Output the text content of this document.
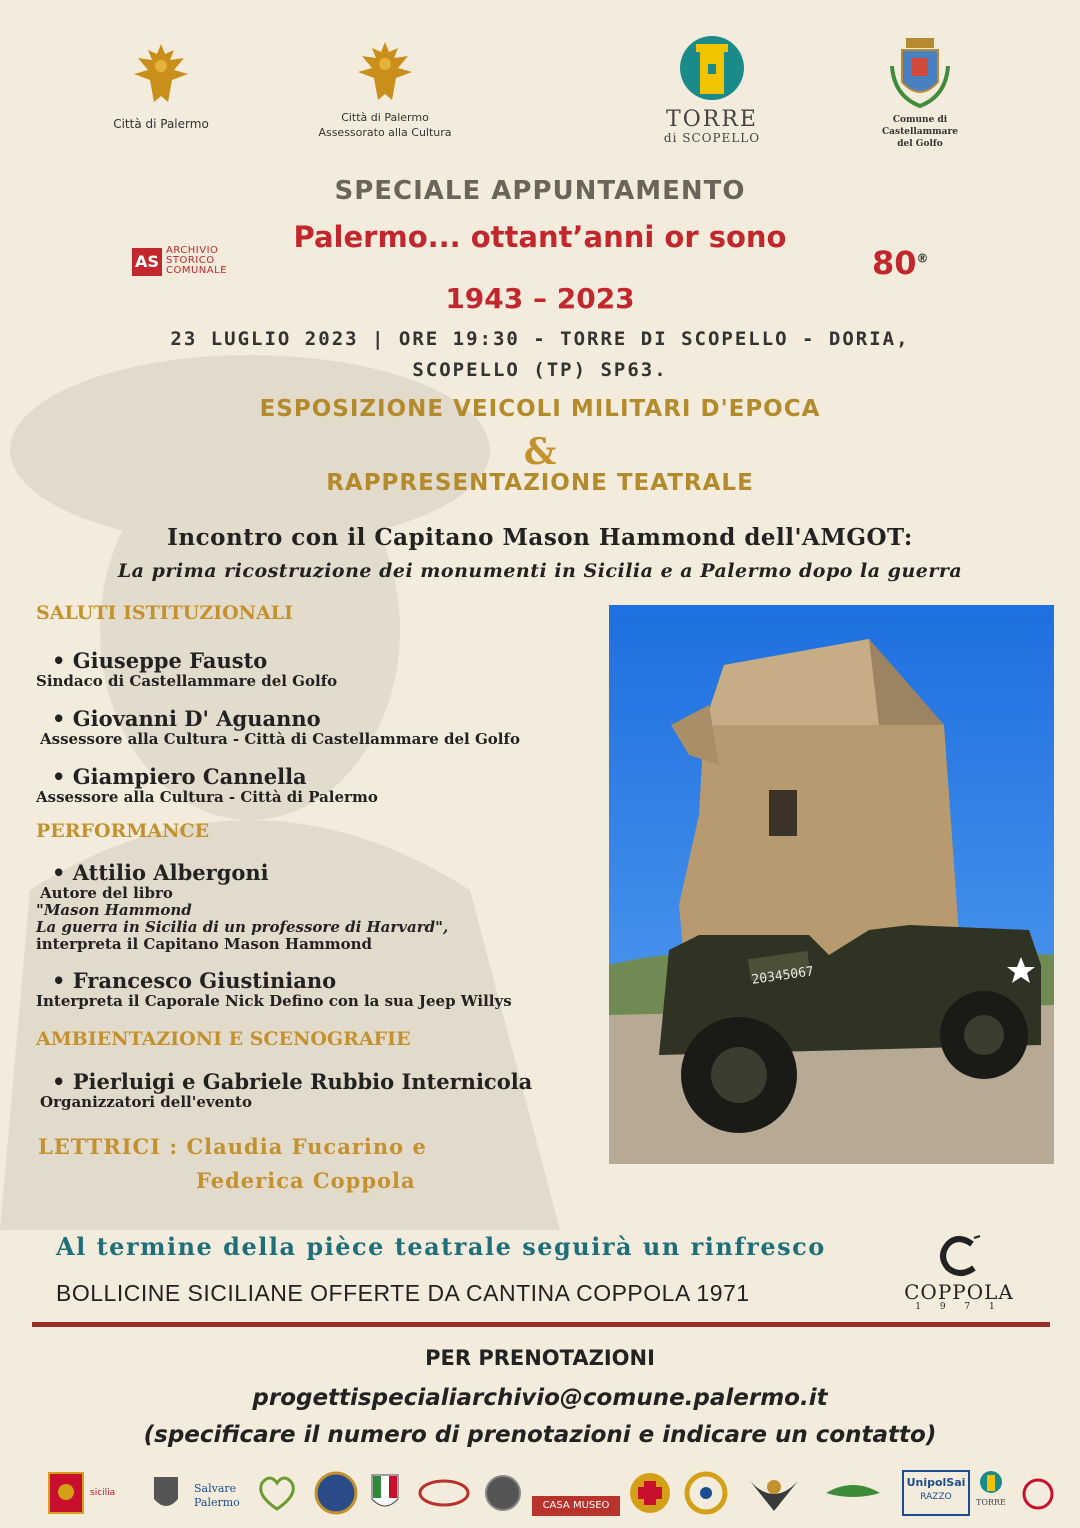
Città di Palermo	Città di Palermo
Assessorato alla Cultura
TORRE
di SCOPELLO
Comune di Castellammare
del Golfo
AS
ARCHIVIO
STORICO
COMUNALE
SPECIALE APPUNTAMENTO
Palermo... ottant’anni or sono
1943 – 2023
80®
23 LUGLIO 2023 | ORE 19:30 - TORRE DI SCOPELLO - DORIA,
SCOPELLO (TP) SP63.
ESPOSIZIONE VEICOLI MILITARI D'EPOCA
&
RAPPRESENTAZIONE TEATRALE
Incontro con il Capitano Mason Hammond dell'AMGOT:
La prima ricostruzione dei monumenti in Sicilia e a Palermo dopo la guerra
SALUTI ISTITUZIONALI
• Giuseppe Fausto
Sindaco di Castellammare del Golfo
• Giovanni D' Aguanno
Assessore alla Cultura - Città di Castellammare del Golfo
• Giampiero Cannella
Assessore alla Cultura - Città di Palermo
PERFORMANCE
• Attilio Albergoni
Autore del libro
"Mason Hammond
La guerra in Sicilia di un professore di Harvard",
interpreta il Capitano Mason Hammond
• Francesco Giustiniano
Interpreta il Caporale Nick Defino con la sua Jeep Willys
AMBIENTAZIONI E SCENOGRAFIE
• Pierluigi e Gabriele Rubbio Internicola
Organizzatori dell'evento
LETTRICI : Claudia Fucarino e
Federica Coppola
20345067
Al termine della pièce teatrale seguirà un rinfresco
BOLLICINE SICILIANE OFFERTE DA CANTINA COPPOLA 1971	COPPOLA
1 9 7 1
PER PRENOTAZIONI
progettispecialiarchivio@comune.palermo.it
(specificare il numero di prenotazioni e indicare un contatto)
sicilia	Salvare
Palermo	CASA MUSEO
UnipolSai
RAZZO
TORRE
